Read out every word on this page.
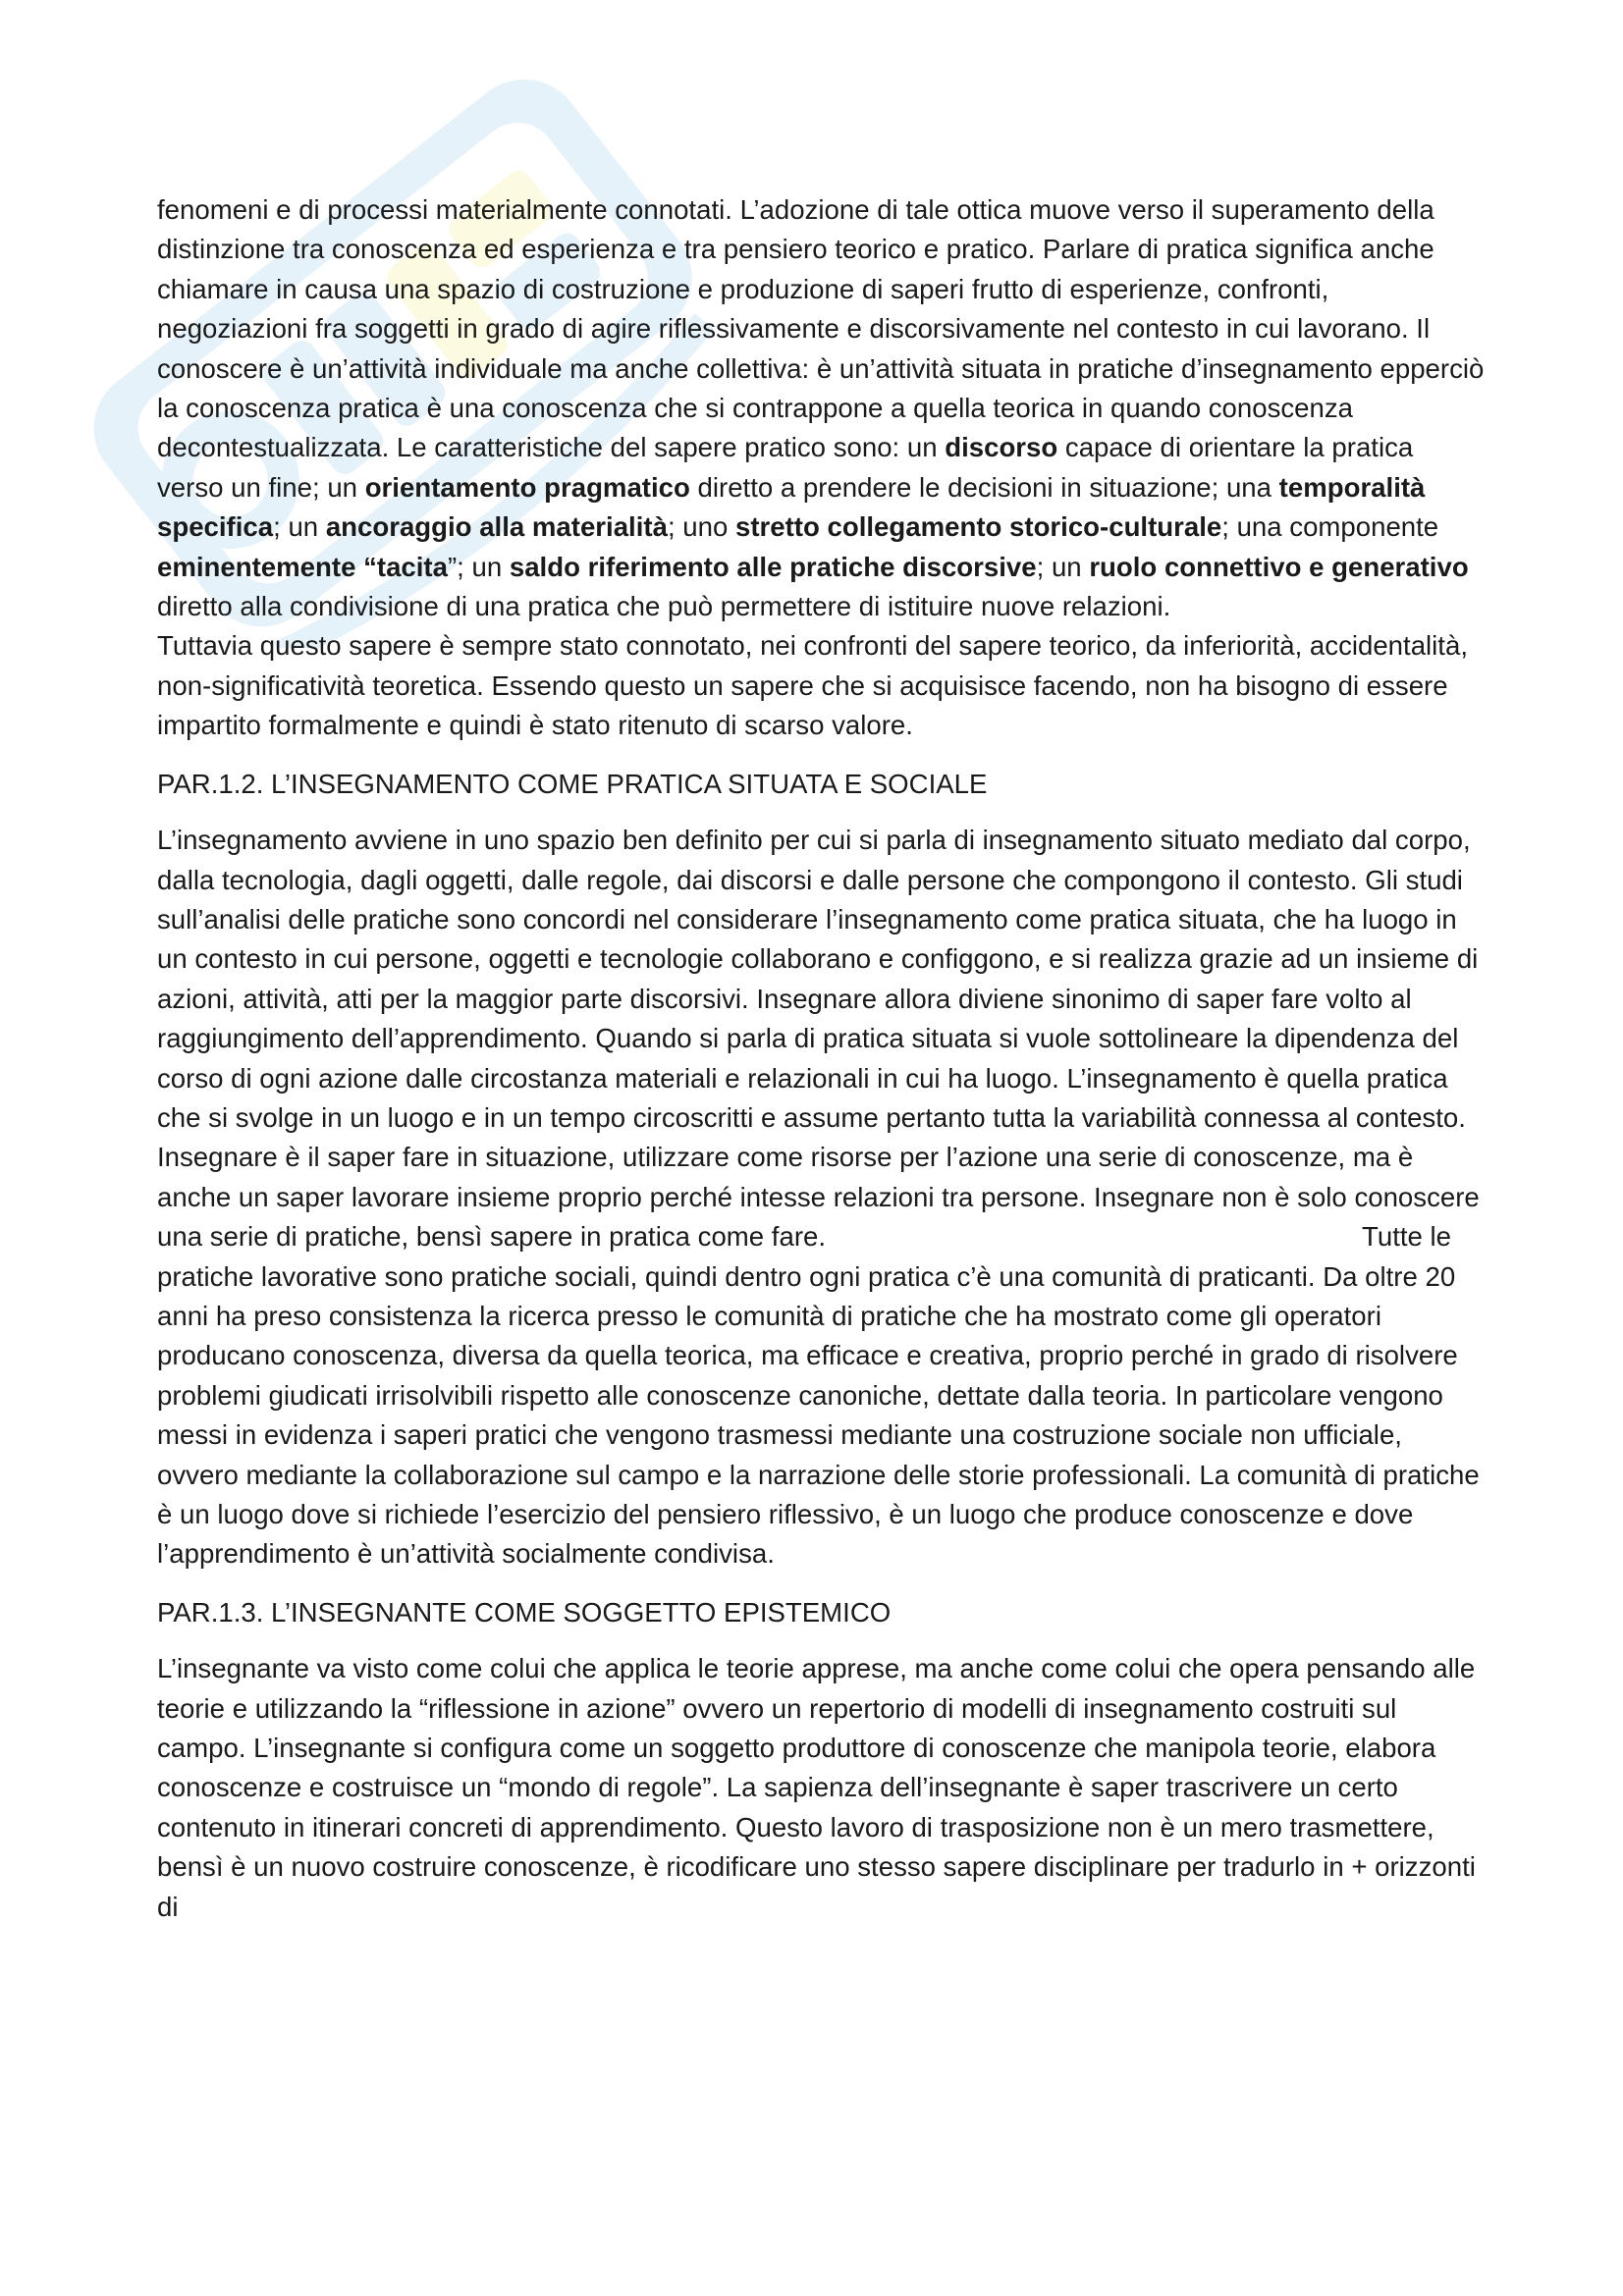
fenomeni e di processi materialmente connotati. L’adozione di tale ottica muove verso il superamento della distinzione tra conoscenza ed esperienza e tra pensiero teorico e pratico. Parlare di pratica significa anche chiamare in causa una spazio di costruzione e produzione di saperi frutto di esperienze, confronti, negoziazioni fra soggetti in grado di agire riflessivamente e discorsivamente nel contesto in cui lavorano. Il conoscere è un’attività individuale ma anche collettiva: è un’attività situata in pratiche d’insegnamento epperciò la conoscenza pratica è una conoscenza che si contrappone a quella teorica in quando conoscenza decontestualizzata. Le caratteristiche del sapere pratico sono: un discorso capace di orientare la pratica verso un fine; un orientamento pragmatico diretto a prendere le decisioni in situazione; una temporalità specifica; un ancoraggio alla materialità; uno stretto collegamento storico-culturale; una componente eminentemente “tacita”; un saldo riferimento alle pratiche discorsive; un ruolo connettivo e generativo diretto alla condivisione di una pratica che può permettere di istituire nuove relazioni.Tuttavia questo sapere è sempre stato connotato, nei confronti del sapere teorico, da inferiorità, accidentalità, non-significatività teoretica. Essendo questo un sapere che si acquisisce facendo, non ha bisogno di essere impartito formalmente e quindi è stato ritenuto di scarso valore.

PAR.1.2. L’INSEGNAMENTO COME PRATICA SITUATA E SOCIALE

L’insegnamento avviene in uno spazio ben definito per cui si parla di insegnamento situato mediato dal corpo, dalla tecnologia, dagli oggetti, dalle regole, dai discorsi e dalle persone che compongono il contesto. Gli studi sull’analisi delle pratiche sono concordi nel considerare l’insegnamento come pratica situata, che ha luogo in un contesto in cui persone, oggetti e tecnologie collaborano e configgono, e si realizza grazie ad un insieme di azioni, attività, atti per la maggior parte discorsivi. Insegnare allora diviene sinonimo di saper fare volto al raggiungimento dell’apprendimento. Quando si parla di pratica situata si vuole sottolineare la dipendenza del corso di ogni azione dalle circostanza materiali e relazionali in cui ha luogo. L’insegnamento è quella pratica che si svolge in un luogo e in un tempo circoscritti e assume pertanto tutta la variabilità connessa al contesto. Insegnare è il saper fare in situazione, utilizzare come risorse per l’azione una serie di conoscenze, ma è anche un saper lavorare insieme proprio perché intesse relazioni tra persone. Insegnare non è solo conoscere una serie di pratiche, bensì sapere in pratica come fare.	Tutte le pratiche lavorative sono pratiche sociali, quindi dentro ogni pratica c’è una comunità di praticanti. Da oltre 20 anni ha preso consistenza la ricerca presso le comunità di pratiche che ha mostrato come gli operatori producano conoscenza, diversa da quella teorica, ma efficace e creativa, proprio perché in grado di risolvere problemi giudicati irrisolvibili rispetto alle conoscenze canoniche, dettate dalla teoria. In particolare vengono messi in evidenza i saperi pratici che vengono trasmessi mediante una costruzione sociale non ufficiale, ovvero mediante la collaborazione sul campo e la narrazione delle storie professionali. La comunità di pratiche è un luogo dove si richiede l’esercizio del pensiero riflessivo, è un luogo che produce conoscenze e dove l’apprendimento è un’attività socialmente condivisa.

PAR.1.3. L’INSEGNANTE COME SOGGETTO EPISTEMICO

L’insegnante va visto come colui che applica le teorie apprese, ma anche come colui che opera pensando alle teorie e utilizzando la “riflessione in azione” ovvero un repertorio di modelli di insegnamento costruiti sul campo. L’insegnante si configura come un soggetto produttore di conoscenze che manipola teorie, elabora conoscenze e costruisce un “mondo di regole”. La sapienza dell’insegnante è saper trascrivere un certo contenuto in itinerari concreti di apprendimento. Questo lavoro di trasposizione non è un mero trasmettere, bensì è un nuovo costruire conoscenze, è ricodificare uno stesso sapere disciplinare per tradurlo in + orizzonti di
